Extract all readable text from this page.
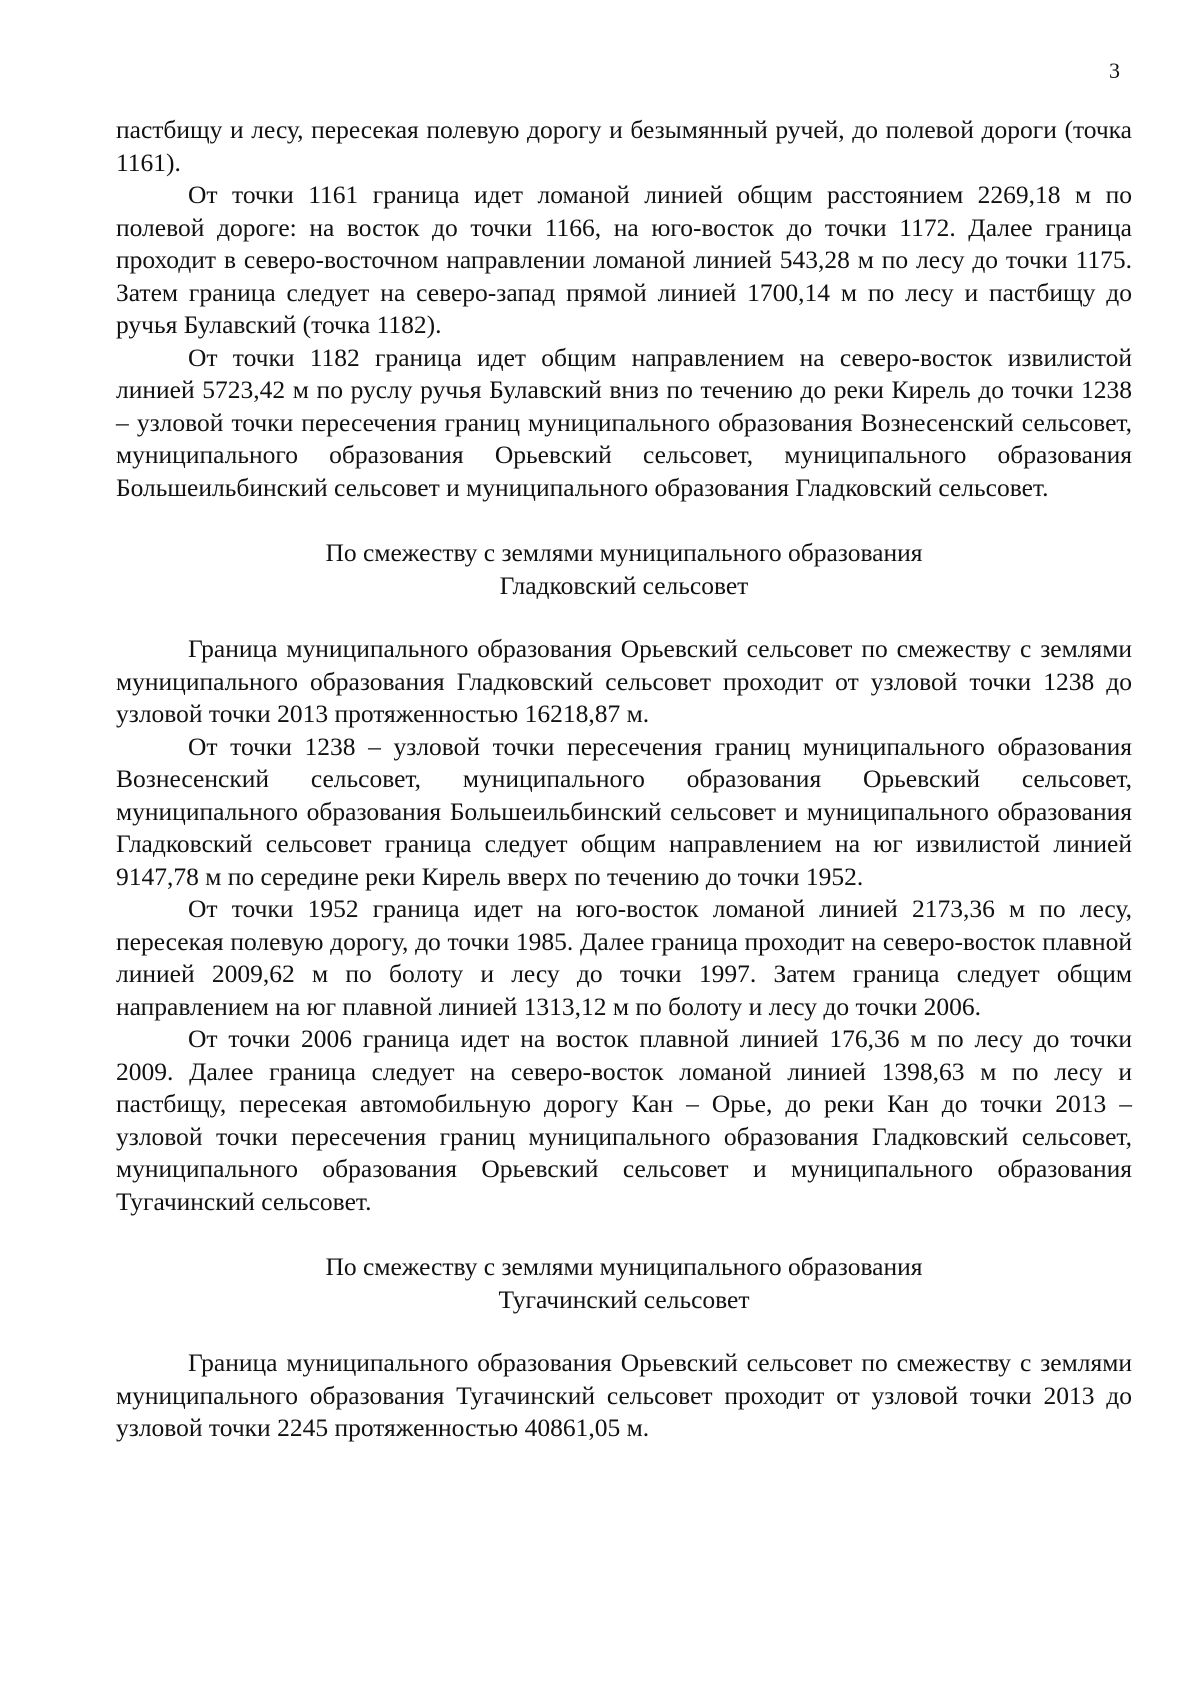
3

пастбищу и лесу, пересекая полевую дорогу и безымянный ручей, до полевой дороги (точка 1161).

От точки 1161 граница идет ломаной линией общим расстоянием 2269,18 м по полевой дороге: на восток до точки 1166, на юго-восток до точки 1172. Далее граница проходит в северо-восточном направлении ломаной линией 543,28 м по лесу до точки 1175. Затем граница следует на северо-запад прямой линией 1700,14 м по лесу и пастбищу до ручья Булавский (точка 1182).

От точки 1182 граница идет общим направлением на северо-восток извилистой линией 5723,42 м по руслу ручья Булавский вниз по течению до реки Кирель до точки 1238 – узловой точки пересечения границ муниципального образования Вознесенский сельсовет, муниципального образования Орьевский сельсовет, муниципального образования Большеильбинский сельсовет и муниципального образования Гладковский сельсовет.

По смежеству с землями муниципального образования
Гладковский сельсовет

Граница муниципального образования Орьевский сельсовет по смежеству с землями муниципального образования Гладковский сельсовет проходит от узловой точки 1238 до узловой точки 2013 протяженностью 16218,87 м.

От точки 1238 – узловой точки пересечения границ муниципального образования Вознесенский сельсовет, муниципального образования Орьевский сельсовет, муниципального образования Большеильбинский сельсовет и муниципального образования Гладковский сельсовет граница следует общим направлением на юг извилистой линией 9147,78 м по середине реки Кирель вверх по течению до точки 1952.

От точки 1952 граница идет на юго-восток ломаной линией 2173,36 м по лесу, пересекая полевую дорогу, до точки 1985. Далее граница проходит на северо-восток плавной линией 2009,62 м по болоту и лесу до точки 1997. Затем граница следует общим направлением на юг плавной линией 1313,12 м по болоту и лесу до точки 2006.

От точки 2006 граница идет на восток плавной линией 176,36 м по лесу до точки 2009. Далее граница следует на северо-восток ломаной линией 1398,63 м по лесу и пастбищу, пересекая автомобильную дорогу Кан – Орье, до реки Кан до точки 2013 – узловой точки пересечения границ муниципального образования Гладковский сельсовет, муниципального образования Орьевский сельсовет и муниципального образования Тугачинский сельсовет.

По смежеству с землями муниципального образования
Тугачинский сельсовет

Граница муниципального образования Орьевский сельсовет по смежеству с землями муниципального образования Тугачинский сельсовет проходит от узловой точки 2013 до узловой точки 2245 протяженностью 40861,05 м.
